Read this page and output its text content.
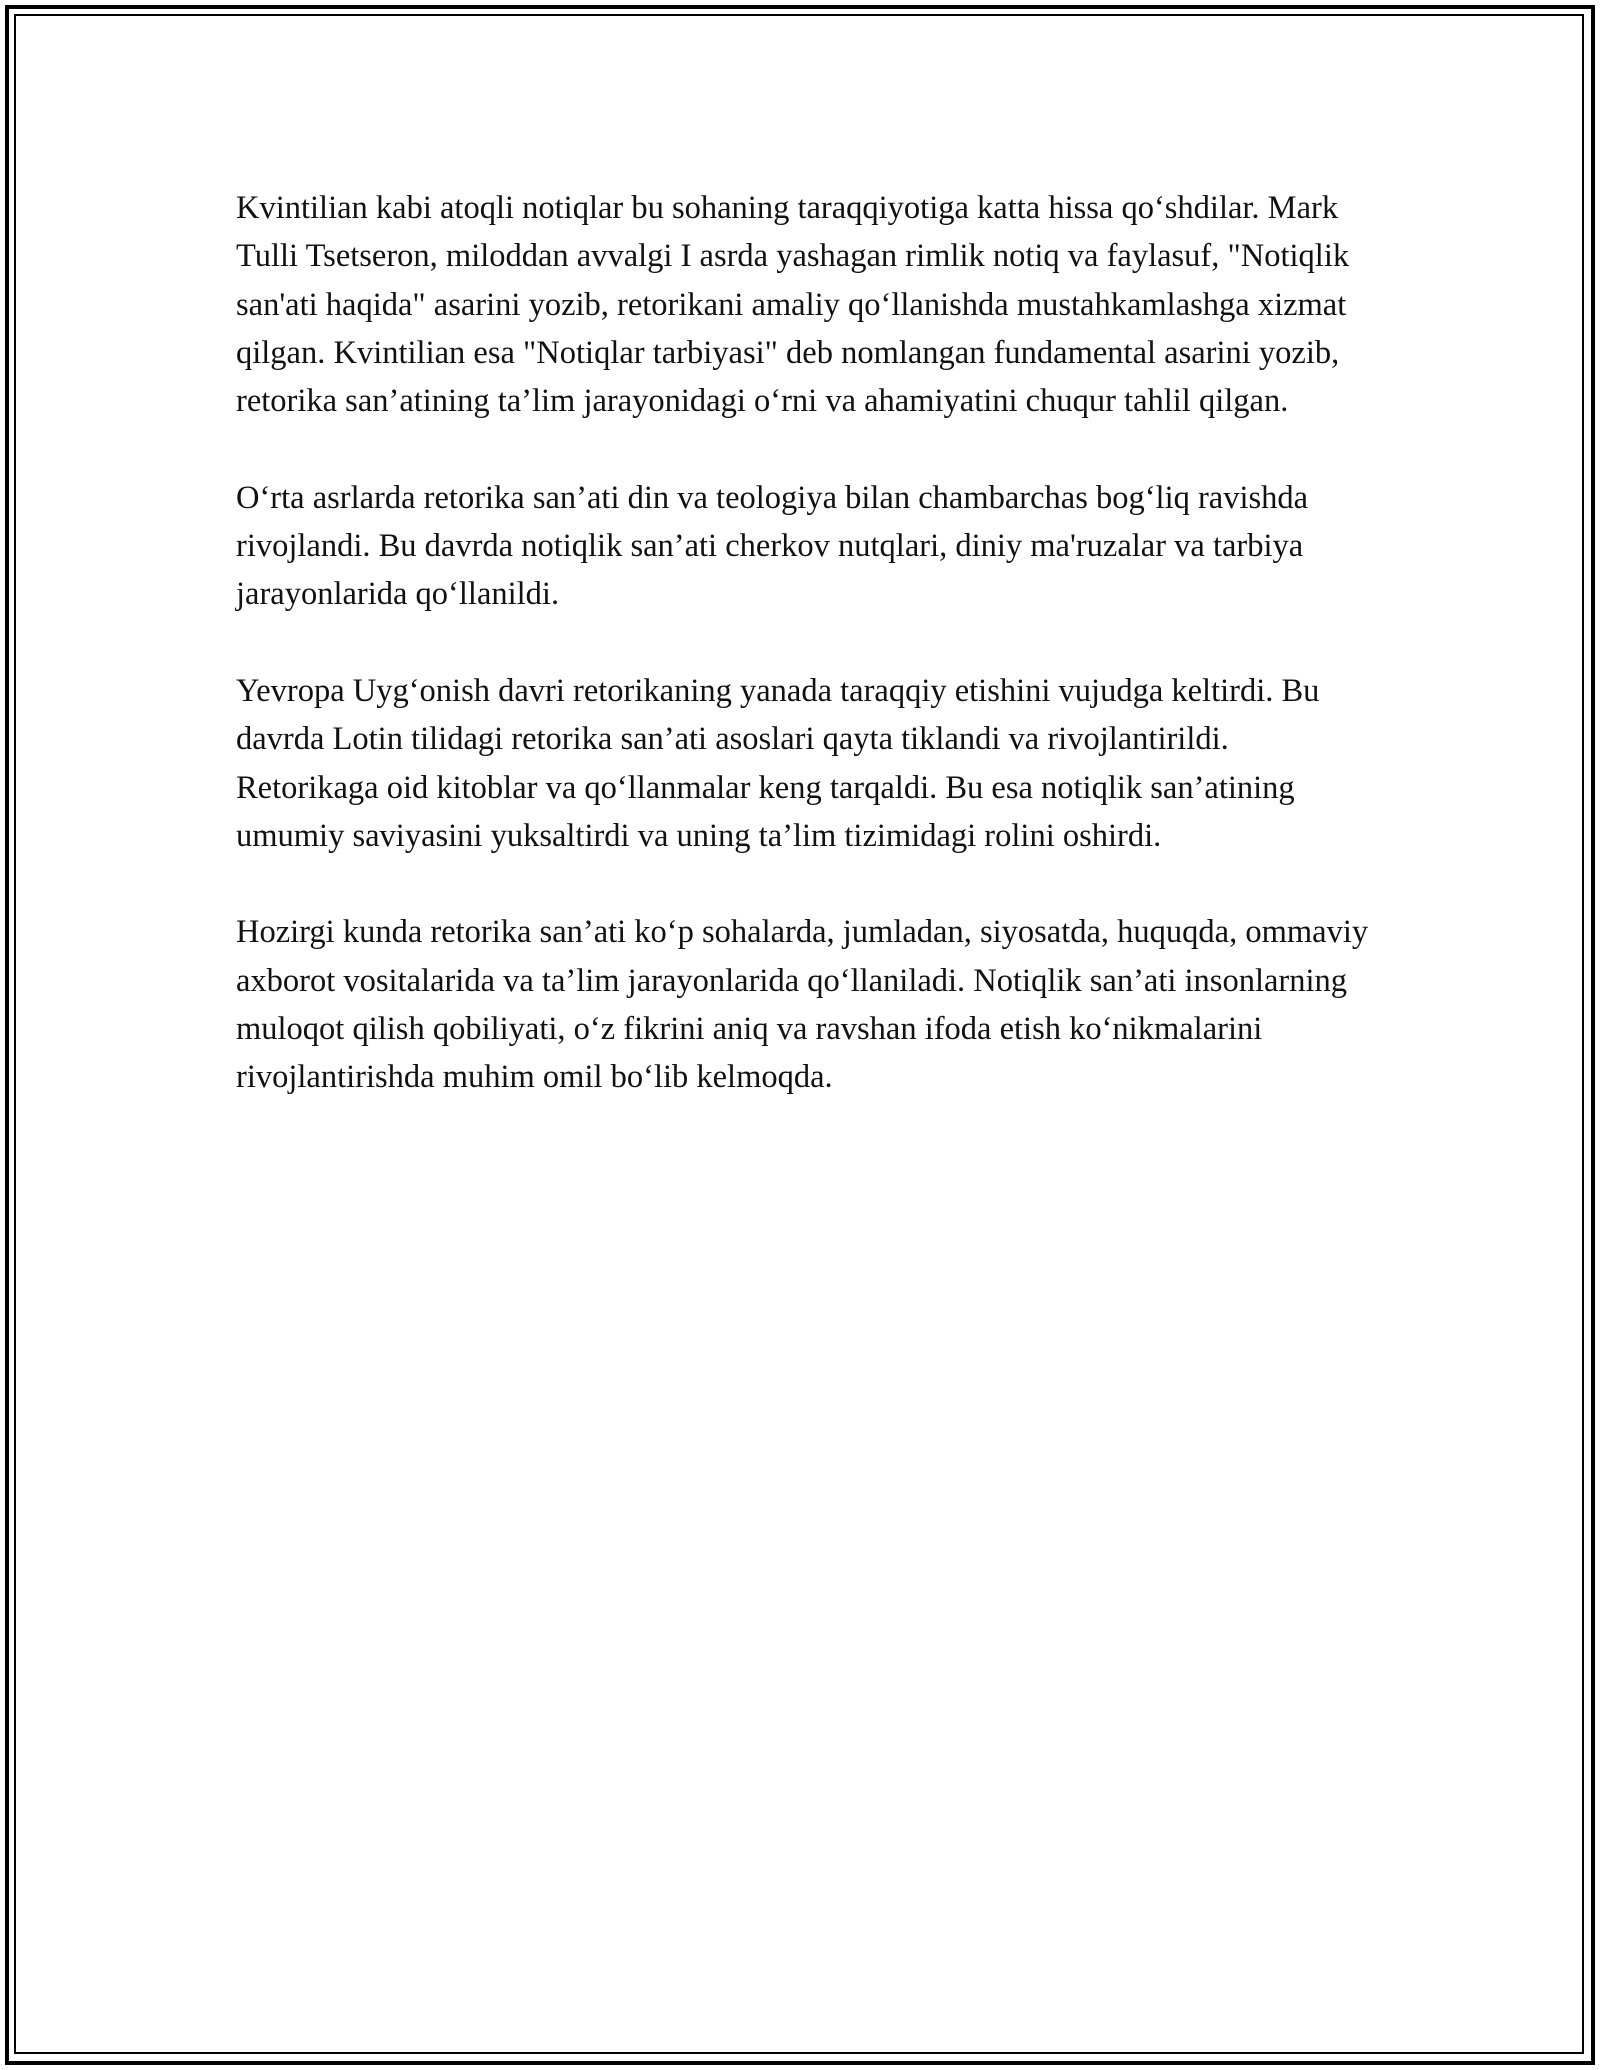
Kvintilian kabi atoqli notiqlar bu sohaning taraqqiyotiga katta hissa qo‘shdilar. Mark Tulli Tsetseron, miloddan avvalgi I asrda yashagan rimlik notiq va faylasuf, "Notiqlik san'ati haqida" asarini yozib, retorikani amaliy qo‘llanishda mustahkamlashga xizmat qilgan. Kvintilian esa "Notiqlar tarbiyasi" deb nomlangan fundamental asarini yozib, retorika san’atining ta’lim jarayonidagi o‘rni va ahamiyatini chuqur tahlil qilgan.

O‘rta asrlarda retorika san’ati din va teologiya bilan chambarchas bog‘liq ravishda rivojlandi. Bu davrda notiqlik san’ati cherkov nutqlari, diniy ma'ruzalar va tarbiya jarayonlarida qo‘llanildi.

Yevropa Uyg‘onish davri retorikaning yanada taraqqiy etishini vujudga keltirdi. Bu davrda Lotin tilidagi retorika san’ati asoslari qayta tiklandi va rivojlantirildi. Retorikaga oid kitoblar va qo‘llanmalar keng tarqaldi. Bu esa notiqlik san’atining umumiy saviyasini yuksaltirdi va uning ta’lim tizimidagi rolini oshirdi.

Hozirgi kunda retorika san’ati ko‘p sohalarda, jumladan, siyosatda, huquqda, ommaviy axborot vositalarida va ta’lim jarayonlarida qo‘llaniladi. Notiqlik san’ati insonlarning muloqot qilish qobiliyati, o‘z fikrini aniq va ravshan ifoda etish ko‘nikmalarini rivojlantirishda muhim omil bo‘lib kelmoqda.
